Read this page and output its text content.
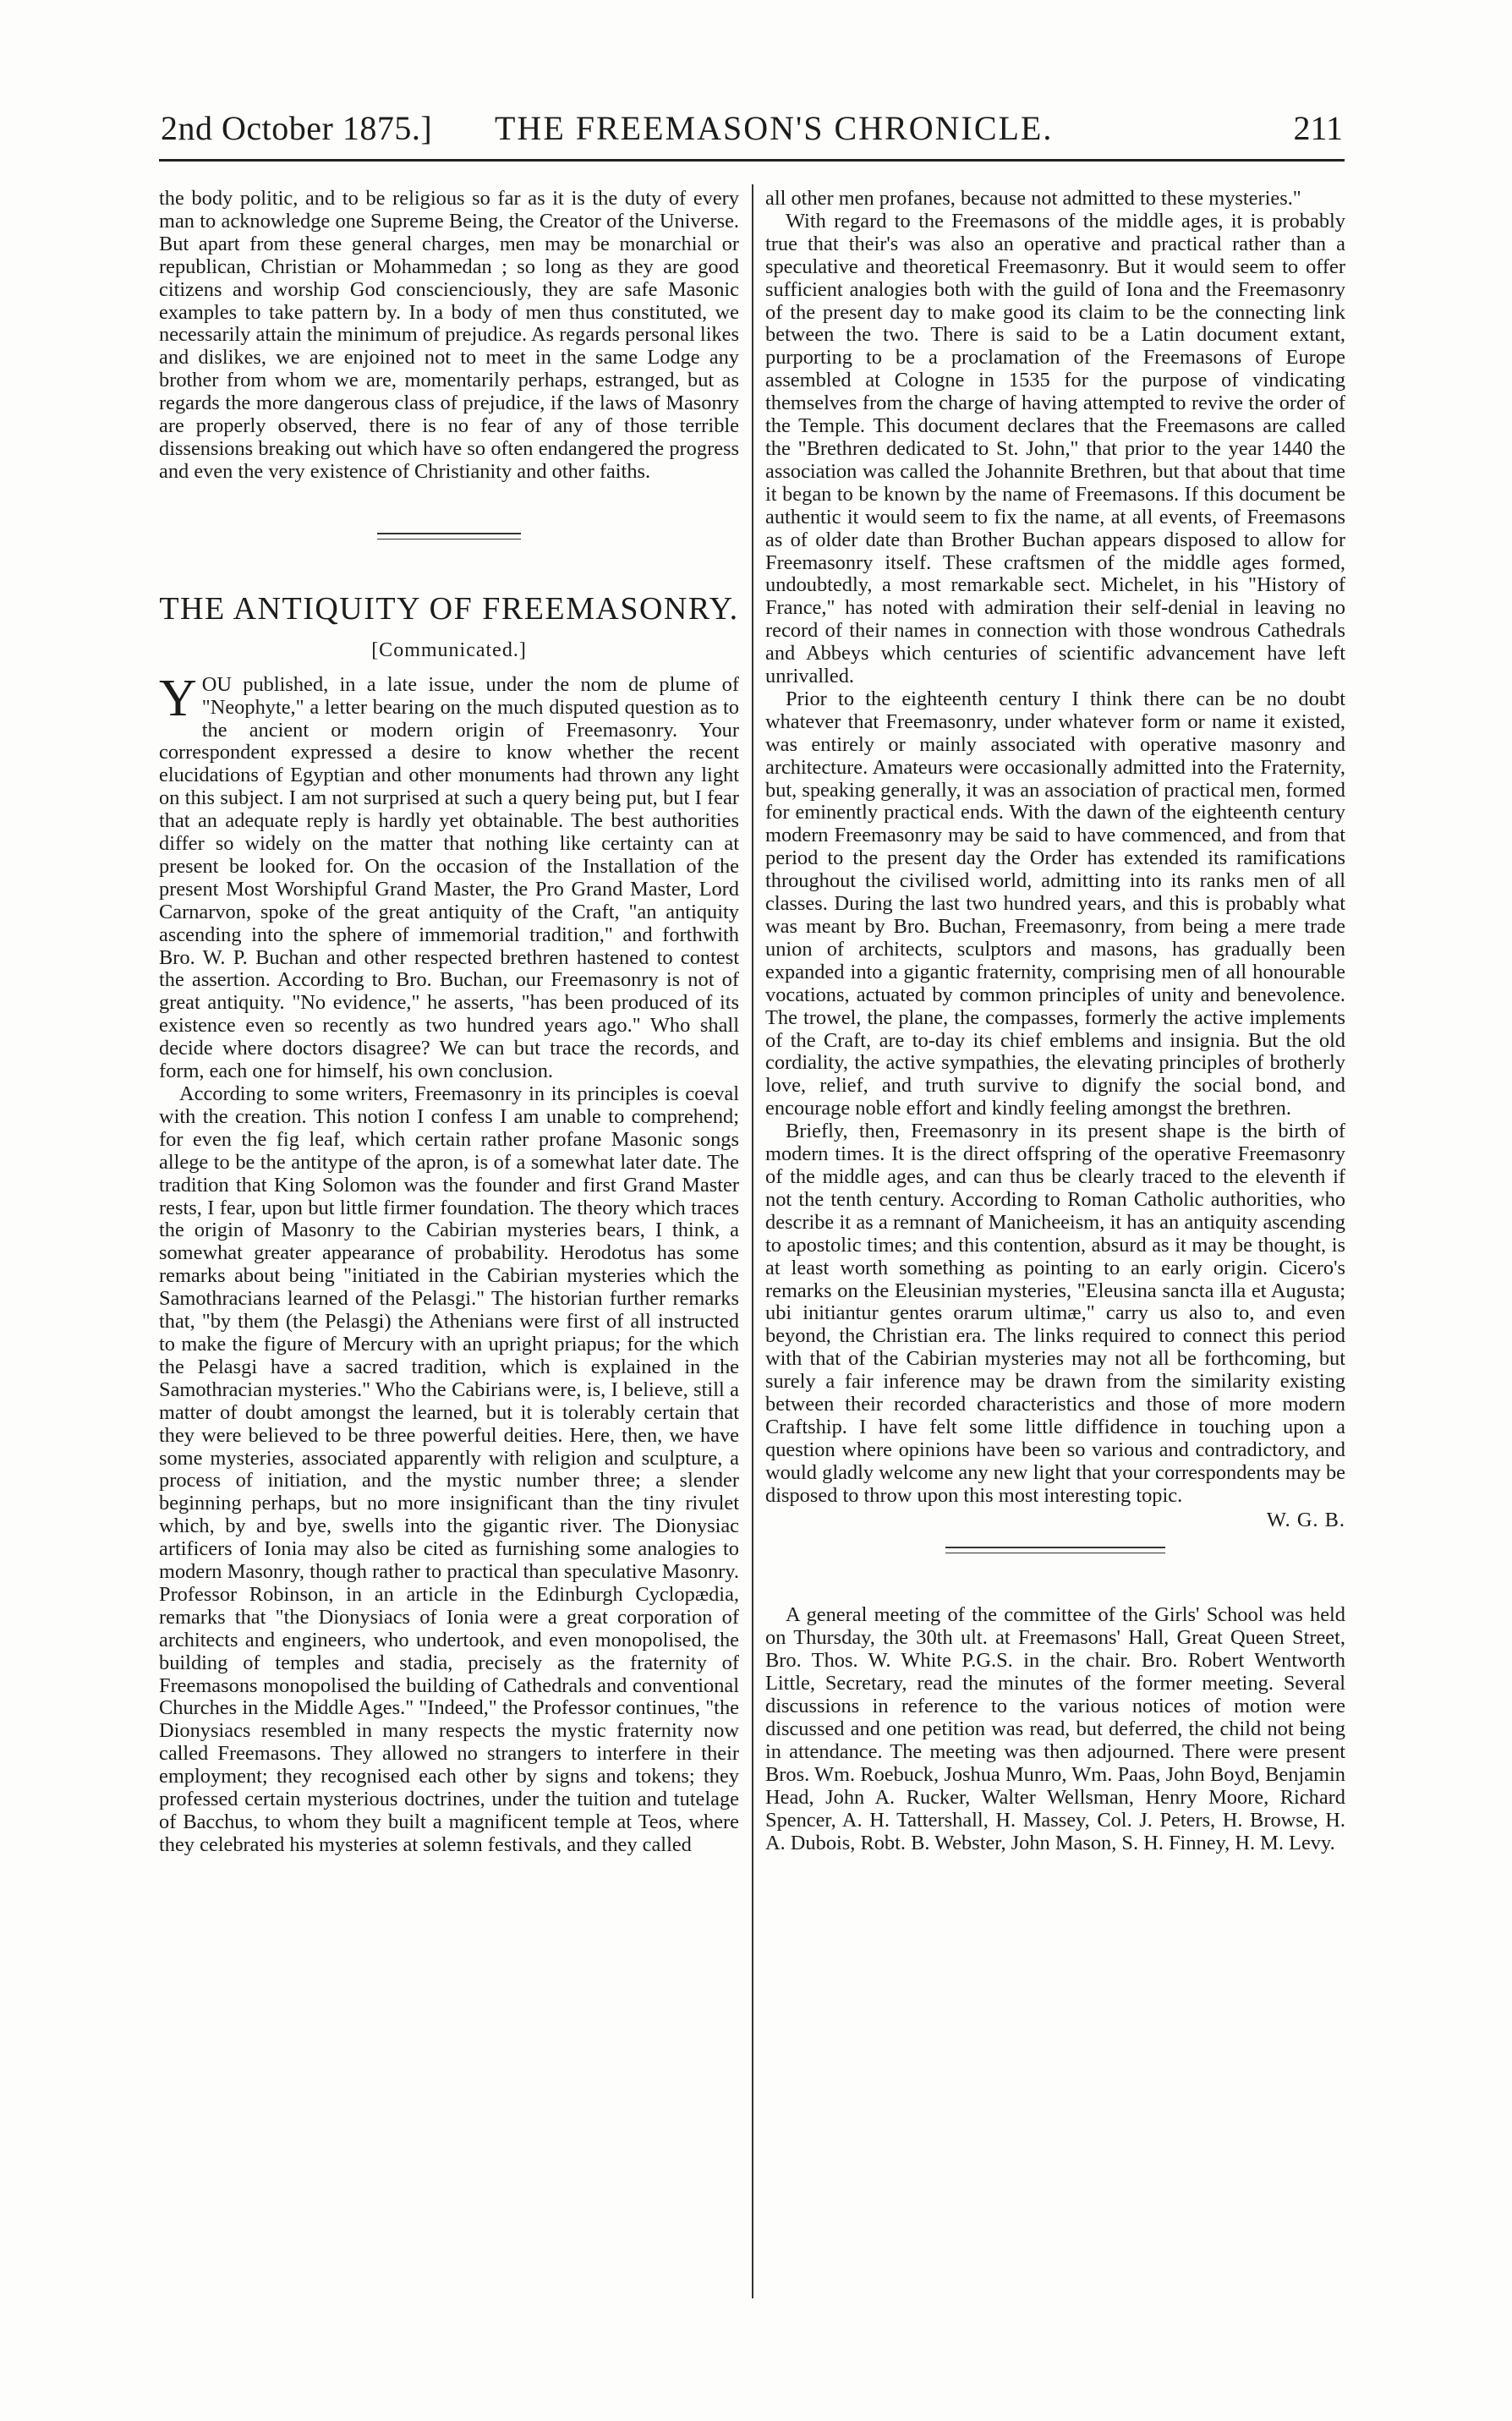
2nd October 1875.] THE FREEMASON'S CHRONICLE.	211

the body politic, and to be religious so far as it is the duty of every man to acknowledge one Supreme Being, the Creator of the Universe. But apart from these general charges, men may be monarchial or republican, Christian or Mohammedan ; so long as they are good citizens and worship God conscienciously, they are safe Masonic examples to take pattern by. In a body of men thus constituted, we necessarily attain the minimum of prejudice. As regards personal likes and dislikes, we are enjoined not to meet in the same Lodge any brother from whom we are, momentarily perhaps, estranged, but as regards the more dangerous class of prejudice, if the laws of Masonry are properly observed, there is no fear of any of those terrible dissensions breaking out which have so often endangered the progress and even the very existence of Christianity and other faiths.

THE ANTIQUITY OF FREEMASONRY.
[Communicated.]

YOU published, in a late issue, under the nom de plume of "Neophyte," a letter bearing on the much disputed question as to the ancient or modern origin of Freemasonry. Your correspondent expressed a desire to know whether the recent elucidations of Egyptian and other monuments had thrown any light on this subject. I am not surprised at such a query being put, but I fear that an adequate reply is hardly yet obtainable. The best authorities differ so widely on the matter that nothing like certainty can at present be looked for. On the occasion of the Installation of the present Most Worshipful Grand Master, the Pro Grand Master, Lord Carnarvon, spoke of the great antiquity of the Craft, "an antiquity ascending into the sphere of immemorial tradition," and forthwith Bro. W. P. Buchan and other respected brethren hastened to contest the assertion. According to Bro. Buchan, our Freemasonry is not of great antiquity. "No evidence," he asserts, "has been produced of its existence even so recently as two hundred years ago." Who shall decide where doctors disagree? We can but trace the records, and form, each one for himself, his own conclusion.

According to some writers, Freemasonry in its principles is coeval with the creation. This notion I confess I am unable to comprehend; for even the fig leaf, which certain rather profane Masonic songs allege to be the antitype of the apron, is of a somewhat later date. The tradition that King Solomon was the founder and first Grand Master rests, I fear, upon but little firmer foundation. The theory which traces the origin of Masonry to the Cabirian mysteries bears, I think, a somewhat greater appearance of probability. Herodotus has some remarks about being "initiated in the Cabirian mysteries which the Samothracians learned of the Pelasgi." The historian further remarks that, "by them (the Pelasgi) the Athenians were first of all instructed to make the figure of Mercury with an upright priapus; for the which the Pelasgi have a sacred tradition, which is explained in the Samothracian mysteries." Who the Cabirians were, is, I believe, still a matter of doubt amongst the learned, but it is tolerably certain that they were believed to be three powerful deities. Here, then, we have some mysteries, associated apparently with religion and sculpture, a process of initiation, and the mystic number three; a slender beginning perhaps, but no more insignificant than the tiny rivulet which, by and bye, swells into the gigantic river. The Dionysiac artificers of Ionia may also be cited as furnishing some analogies to modern Masonry, though rather to practical than speculative Masonry. Professor Robinson, in an article in the Edinburgh Cyclopædia, remarks that "the Dionysiacs of Ionia were a great corporation of architects and engineers, who undertook, and even monopolised, the building of temples and stadia, precisely as the fraternity of Freemasons monopolised the building of Cathedrals and conventional Churches in the Middle Ages." "Indeed," the Professor continues, "the Dionysiacs resembled in many respects the mystic fraternity now called Freemasons. They allowed no strangers to interfere in their employment; they recognised each other by signs and tokens; they professed certain mysterious doctrines, under the tuition and tutelage of Bacchus, to whom they built a magnificent temple at Teos, where they celebrated his mysteries at solemn festivals, and they called

all other men profanes, because not admitted to these mysteries."

With regard to the Freemasons of the middle ages, it is probably true that their's was also an operative and practical rather than a speculative and theoretical Freemasonry. But it would seem to offer sufficient analogies both with the guild of Iona and the Freemasonry of the present day to make good its claim to be the connecting link between the two. There is said to be a Latin document extant, purporting to be a proclamation of the Freemasons of Europe assembled at Cologne in 1535 for the purpose of vindicating themselves from the charge of having attempted to revive the order of the Temple. This document declares that the Freemasons are called the "Brethren dedicated to St. John," that prior to the year 1440 the association was called the Johannite Brethren, but that about that time it began to be known by the name of Freemasons. If this document be authentic it would seem to fix the name, at all events, of Freemasons as of older date than Brother Buchan appears disposed to allow for Freemasonry itself. These craftsmen of the middle ages formed, undoubtedly, a most remarkable sect. Michelet, in his "History of France," has noted with admiration their self-denial in leaving no record of their names in connection with those wondrous Cathedrals and Abbeys which centuries of scientific advancement have left unrivalled.

Prior to the eighteenth century I think there can be no doubt whatever that Freemasonry, under whatever form or name it existed, was entirely or mainly associated with operative masonry and architecture. Amateurs were occasionally admitted into the Fraternity, but, speaking generally, it was an association of practical men, formed for eminently practical ends. With the dawn of the eighteenth century modern Freemasonry may be said to have commenced, and from that period to the present day the Order has extended its ramifications throughout the civilised world, admitting into its ranks men of all classes. During the last two hundred years, and this is probably what was meant by Bro. Buchan, Freemasonry, from being a mere trade union of architects, sculptors and masons, has gradually been expanded into a gigantic fraternity, comprising men of all honourable vocations, actuated by common principles of unity and benevolence. The trowel, the plane, the compasses, formerly the active implements of the Craft, are to-day its chief emblems and insignia. But the old cordiality, the active sympathies, the elevating principles of brotherly love, relief, and truth survive to dignify the social bond, and encourage noble effort and kindly feeling amongst the brethren.

Briefly, then, Freemasonry in its present shape is the birth of modern times. It is the direct offspring of the operative Freemasonry of the middle ages, and can thus be clearly traced to the eleventh if not the tenth century. According to Roman Catholic authorities, who describe it as a remnant of Manicheeism, it has an antiquity ascending to apostolic times; and this contention, absurd as it may be thought, is at least worth something as pointing to an early origin. Cicero's remarks on the Eleusinian mysteries, "Eleusina sancta illa et Augusta; ubi initiantur gentes orarum ultimæ," carry us also to, and even beyond, the Christian era. The links required to connect this period with that of the Cabirian mysteries may not all be forthcoming, but surely a fair inference may be drawn from the similarity existing between their recorded characteristics and those of more modern Craftship. I have felt some little diffidence in touching upon a question where opinions have been so various and contradictory, and would gladly welcome any new light that your correspondents may be disposed to throw upon this most interesting topic.

W. G. B.

A general meeting of the committee of the Girls' School was held on Thursday, the 30th ult. at Freemasons' Hall, Great Queen Street, Bro. Thos. W. White P.G.S. in the chair. Bro. Robert Wentworth Little, Secretary, read the minutes of the former meeting. Several discussions in reference to the various notices of motion were discussed and one petition was read, but deferred, the child not being in attendance. The meeting was then adjourned. There were present Bros. Wm. Roebuck, Joshua Munro, Wm. Paas, John Boyd, Benjamin Head, John A. Rucker, Walter Wellsman, Henry Moore, Richard Spencer, A. H. Tattershall, H. Massey, Col. J. Peters, H. Browse, H. A. Dubois, Robt. B. Webster, John Mason, S. H. Finney, H. M. Levy.
